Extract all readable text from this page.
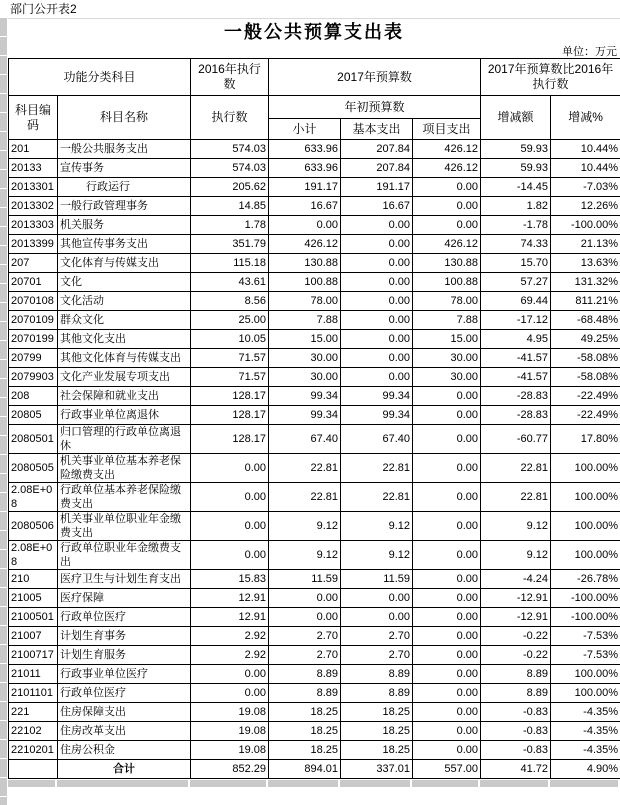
部门公开表2
一般公共预算支出表
单位：万元
功能分类科目		2016年执行数	2017年预算数			2017年预算数比2016年执行数	
科目编码	科目名称	执行数	年初预算数			增减额	增减%
			小计	基本支出	项目支出		
201	一般公共服务支出	574.03	633.96	207.84	426.12	59.93	10.44%
20133	宣传事务	574.03	633.96	207.84	426.12	59.93	10.44%
2013301	行政运行	205.62	191.17	191.17	0.00	-14.45	-7.03%
2013302	一般行政管理事务	14.85	16.67	16.67	0.00	1.82	12.26%
2013303	机关服务	1.78	0.00	0.00	0.00	-1.78	-100.00%
2013399	其他宣传事务支出	351.79	426.12	0.00	426.12	74.33	21.13%
207	文化体育与传媒支出	115.18	130.88	0.00	130.88	15.70	13.63%
20701	文化	43.61	100.88	0.00	100.88	57.27	131.32%
2070108	文化活动	8.56	78.00	0.00	78.00	69.44	811.21%
2070109	群众文化	25.00	7.88	0.00	7.88	-17.12	-68.48%
2070199	其他文化支出	10.05	15.00	0.00	15.00	4.95	49.25%
20799	其他文化体育与传媒支出	71.57	30.00	0.00	30.00	-41.57	-58.08%
2079903	文化产业发展专项支出	71.57	30.00	0.00	30.00	-41.57	-58.08%
208	社会保障和就业支出	128.17	99.34	99.34	0.00	-28.83	-22.49%
20805	行政事业单位离退休	128.17	99.34	99.34	0.00	-28.83	-22.49%
2080501	归口管理的行政单位离退休	128.17	67.40	67.40	0.00	-60.77	17.80%
2080505	机关事业单位基本养老保险缴费支出	0.00	22.81	22.81	0.00	22.81	100.00%
2.08E+08	行政单位基本养老保险缴费支出	0.00	22.81	22.81	0.00	22.81	100.00%
2080506	机关事业单位职业年金缴费支出	0.00	9.12	9.12	0.00	9.12	100.00%
2.08E+08	行政单位职业年金缴费支出	0.00	9.12	9.12	0.00	9.12	100.00%
210	医疗卫生与计划生育支出	15.83	11.59	11.59	0.00	-4.24	-26.78%
21005	医疗保障	12.91	0.00	0.00	0.00	-12.91	-100.00%
2100501	行政单位医疗	12.91	0.00	0.00	0.00	-12.91	-100.00%
21007	计划生育事务	2.92	2.70	2.70	0.00	-0.22	-7.53%
2100717	计划生育服务	2.92	2.70	2.70	0.00	-0.22	-7.53%
21011	行政事业单位医疗	0.00	8.89	8.89	0.00	8.89	100.00%
2101101	行政单位医疗	0.00	8.89	8.89	0.00	8.89	100.00%
221	住房保障支出	19.08	18.25	18.25	0.00	-0.83	-4.35%
22102	住房改革支出	19.08	18.25	18.25	0.00	-0.83	-4.35%
2210201	住房公积金	19.08	18.25	18.25	0.00	-0.83	-4.35%
	合计	852.29	894.01	337.01	557.00	41.72	4.90%
